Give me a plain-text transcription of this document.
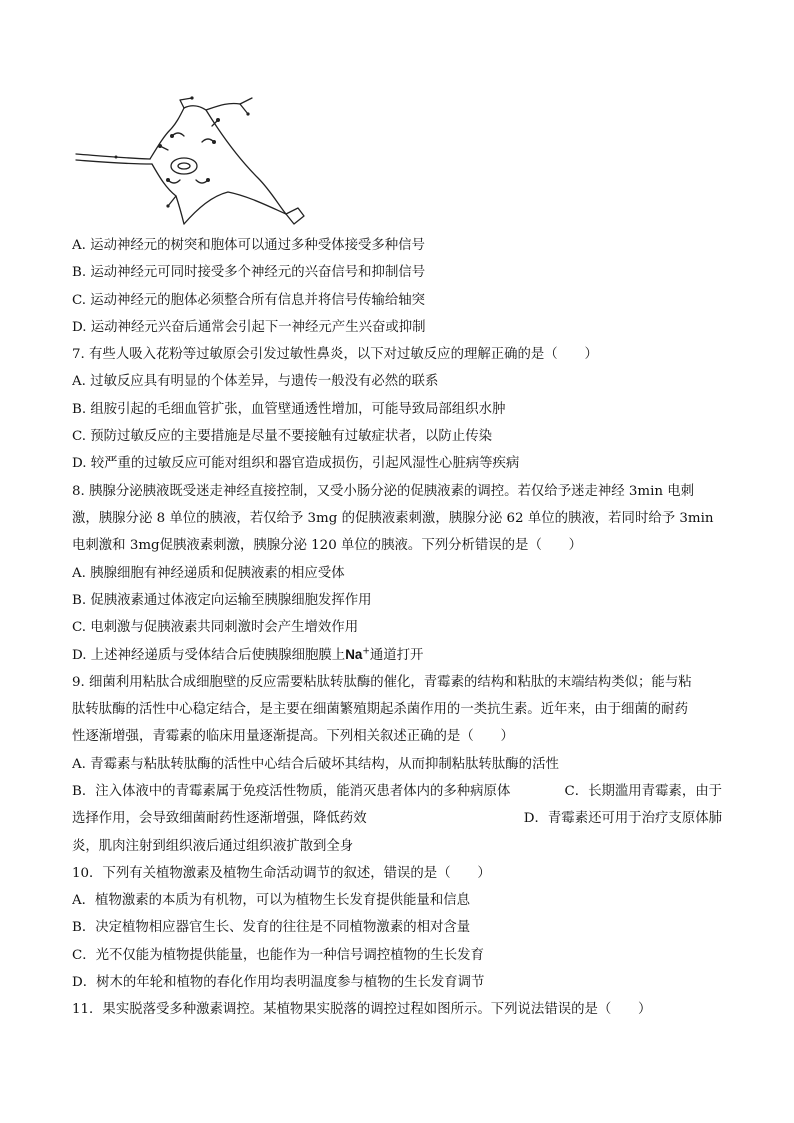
A. 运动神经元的树突和胞体可以通过多种受体接受多种信号
B. 运动神经元可同时接受多个神经元的兴奋信号和抑制信号
C. 运动神经元的胞体必须整合所有信息并将信号传输给轴突
D. 运动神经元兴奋后通常会引起下一神经元产生兴奋或抑制
7. 有些人吸入花粉等过敏原会引发过敏性鼻炎，以下对过敏反应的理解正确的是（　　）
A. 过敏反应具有明显的个体差异，与遗传一般没有必然的联系
B. 组胺引起的毛细血管扩张，血管壁通透性增加，可能导致局部组织水肿
C. 预防过敏反应的主要措施是尽量不要接触有过敏症状者，以防止传染
D. 较严重的过敏反应可能对组织和器官造成损伤，引起风湿性心脏病等疾病
8. 胰腺分泌胰液既受迷走神经直接控制，又受小肠分泌的促胰液素的调控。若仅给予迷走神经 3min 电刺
激，胰腺分泌 8 单位的胰液，若仅给予 3mg 的促胰液素刺激，胰腺分泌 62 单位的胰液，若同时给予 3min
电刺激和 3mg促胰液素刺激，胰腺分泌 120 单位的胰液。下列分析错误的是（　　）
A. 胰腺细胞有神经递质和促胰液素的相应受体
B. 促胰液素通过体液定向运输至胰腺细胞发挥作用
C. 电刺激与促胰液素共同刺激时会产生增效作用
D. 上述神经递质与受体结合后使胰腺细胞膜上Na+通道打开
9. 细菌利用粘肽合成细胞壁的反应需要粘肽转肽酶的催化，青霉素的结构和粘肽的末端结构类似；能与粘
肽转肽酶的活性中心稳定结合，是主要在细菌繁殖期起杀菌作用的一类抗生素。近年来，由于细菌的耐药
性逐渐增强，青霉素的临床用量逐渐提高。下列相关叙述正确的是（　　）
A. 青霉素与粘肽转肽酶的活性中心结合后破坏其结构，从而抑制粘肽转肽酶的活性
B．注入体液中的青霉素属于免疫活性物质，能消灭患者体内的多种病原体	C．长期滥用青霉素，由于
选择作用，会导致细菌耐药性逐渐增强，降低药效	D．青霉素还可用于治疗支原体肺
炎，肌肉注射到组织液后通过组织液扩散到全身
10．下列有关植物激素及植物生命活动调节的叙述，错误的是（　　）
A．植物激素的本质为有机物，可以为植物生长发育提供能量和信息
B．决定植物相应器官生长、发育的往往是不同植物激素的相对含量
C．光不仅能为植物提供能量，也能作为一种信号调控植物的生长发育
D．树木的年轮和植物的春化作用均表明温度参与植物的生长发育调节
11．果实脱落受多种激素调控。某植物果实脱落的调控过程如图所示。下列说法错误的是（　　）
